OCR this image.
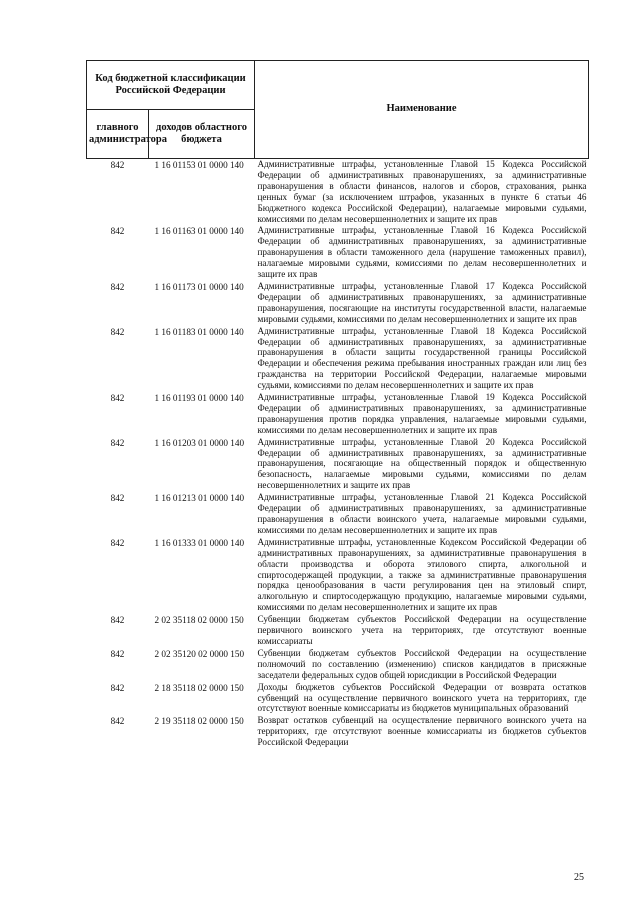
Код бюджетной классификации Российской Федерации		Наименование
главного администратора	доходов областного бюджета	
842	1 16 01153 01 0000 140	Административные штрафы, установленные Главой 15 Кодекса Российской Федерации об административных правонарушениях, за административные правонарушения в области финансов, налогов и сборов, страхования, рынка ценных бумаг (за исключением штрафов, указанных в пункте 6 статьи 46 Бюджетного кодекса Российской Федерации), налагаемые мировыми судьями, комиссиями по делам несовершеннолетних и защите их прав
842	1 16 01163 01 0000 140	Административные штрафы, установленные Главой 16 Кодекса Российской Федерации об административных правонарушениях, за административные правонарушения в области таможенного дела (нарушение таможенных правил), налагаемые мировыми судьями, комиссиями по делам несовершеннолетних и защите их прав
842	1 16 01173 01 0000 140	Административные штрафы, установленные Главой 17 Кодекса Российской Федерации об административных правонарушениях, за административные правонарушения, посягающие на институты государственной власти, налагаемые мировыми судьями, комиссиями по делам несовершеннолетних и защите их прав
842	1 16 01183 01 0000 140	Административные штрафы, установленные Главой 18 Кодекса Российской Федерации об административных правонарушениях, за административные правонарушения в области защиты государственной границы Российской Федерации и обеспечения режима пребывания иностранных граждан или лиц без гражданства на территории Российской Федерации, налагаемые мировыми судьями, комиссиями по делам несовершеннолетних и защите их прав
842	1 16 01193 01 0000 140	Административные штрафы, установленные Главой 19 Кодекса Российской Федерации об административных правонарушениях, за административные правонарушения против порядка управления, налагаемые мировыми судьями, комиссиями по делам несовершеннолетних и защите их прав
842	1 16 01203 01 0000 140	Административные штрафы, установленные Главой 20 Кодекса Российской Федерации об административных правонарушениях, за административные правонарушения, посягающие на общественный порядок и общественную безопасность, налагаемые мировыми судьями, комиссиями по делам несовершеннолетних и защите их прав
842	1 16 01213 01 0000 140	Административные штрафы, установленные Главой 21 Кодекса Российской Федерации об административных правонарушениях, за административные правонарушения в области воинского учета, налагаемые мировыми судьями, комиссиями по делам несовершеннолетних и защите их прав
842	1 16 01333 01 0000 140	Административные штрафы, установленные Кодексом Российской Федерации об административных правонарушениях, за административные правонарушения в области производства и оборота этилового спирта, алкогольной и спиртосодержащей продукции, а также за административные правонарушения порядка ценообразования в части регулирования цен на этиловый спирт, алкогольную и спиртосодержащую продукцию, налагаемые мировыми судьями, комиссиями по делам несовершеннолетних и защите их прав
842	2 02 35118 02 0000 150	Субвенции бюджетам субъектов Российской Федерации на осуществление первичного воинского учета на территориях, где отсутствуют военные комиссариаты
842	2 02 35120 02 0000 150	Субвенции бюджетам субъектов Российской Федерации на осуществление полномочий по составлению (изменению) списков кандидатов в присяжные заседатели федеральных судов общей юрисдикции в Российской Федерации
842	2 18 35118 02 0000 150	Доходы бюджетов субъектов Российской Федерации от возврата остатков субвенций на осуществление первичного воинского учета на территориях, где отсутствуют военные комиссариаты из бюджетов муниципальных образований
842	2 19 35118 02 0000 150	Возврат остатков субвенций на осуществление первичного воинского учета на территориях, где отсутствуют военные комиссариаты из бюджетов субъектов Российской Федерации
25
